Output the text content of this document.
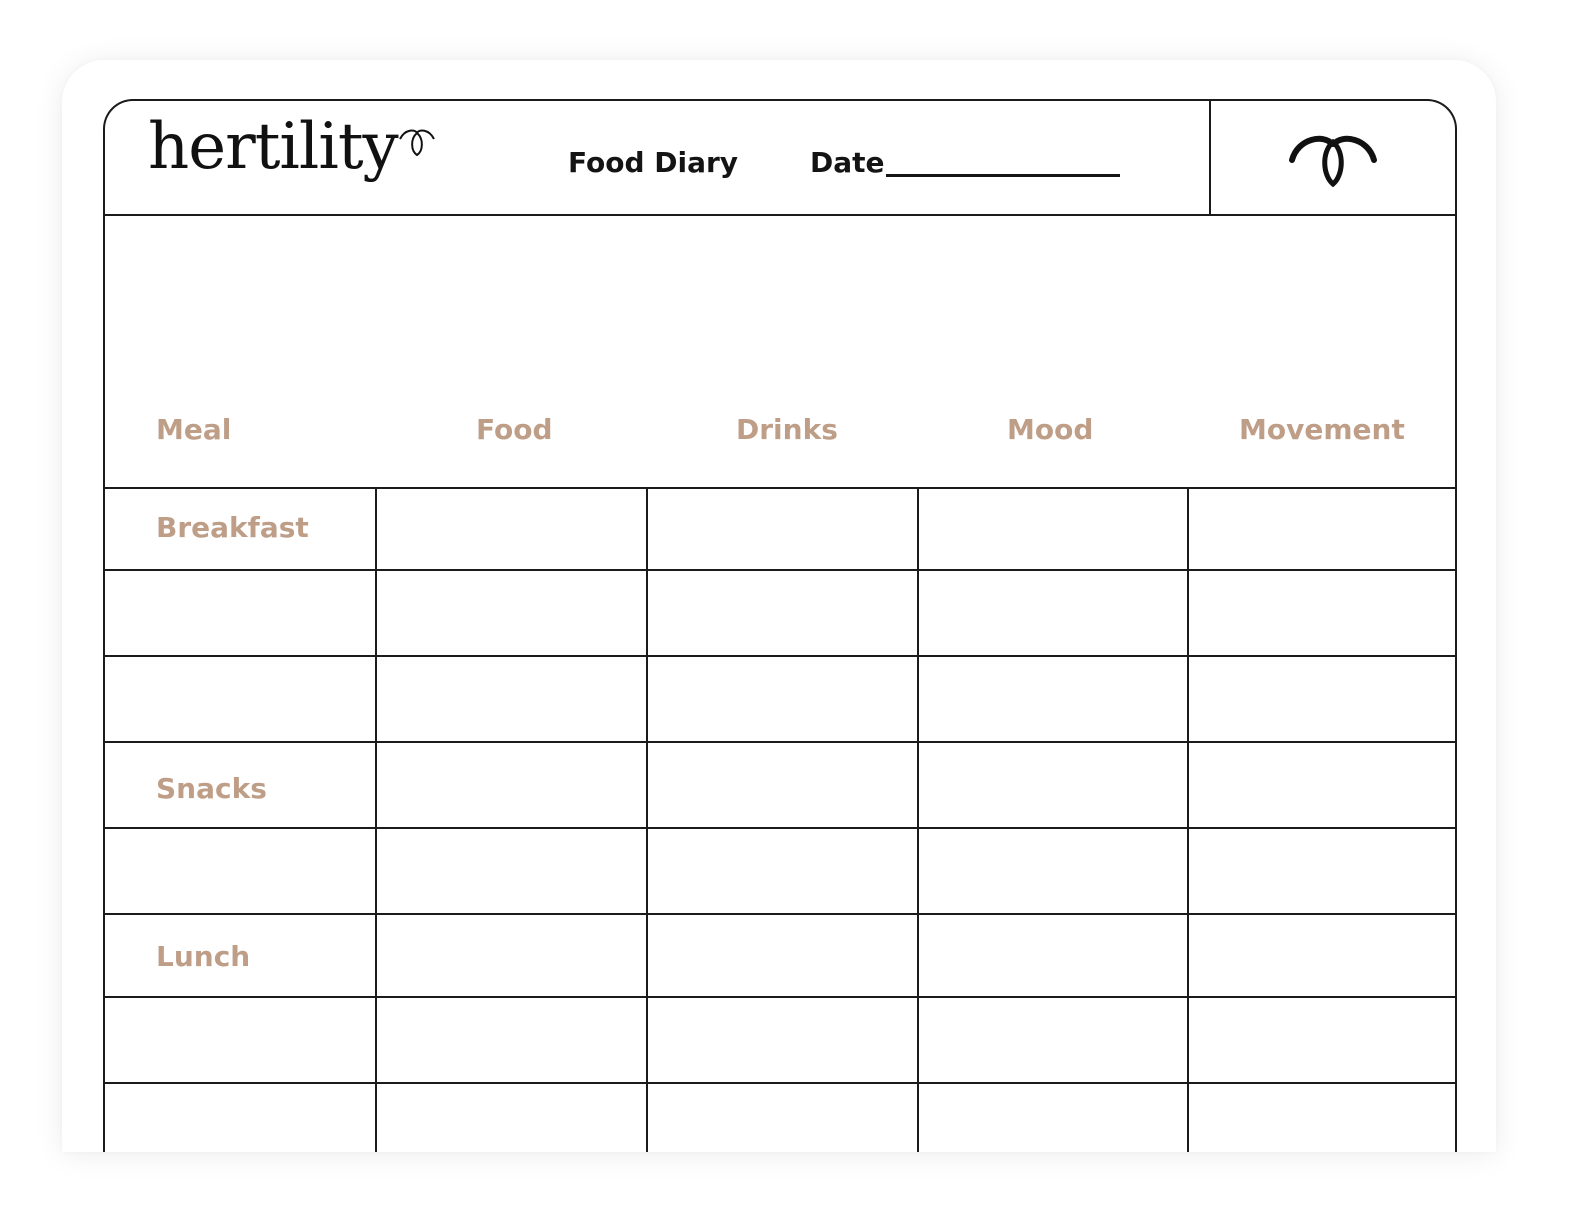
hertility	Food Diary	Date
Meal	Food	Drinks	Mood	Movement
Breakfast
Snacks
Lunch
